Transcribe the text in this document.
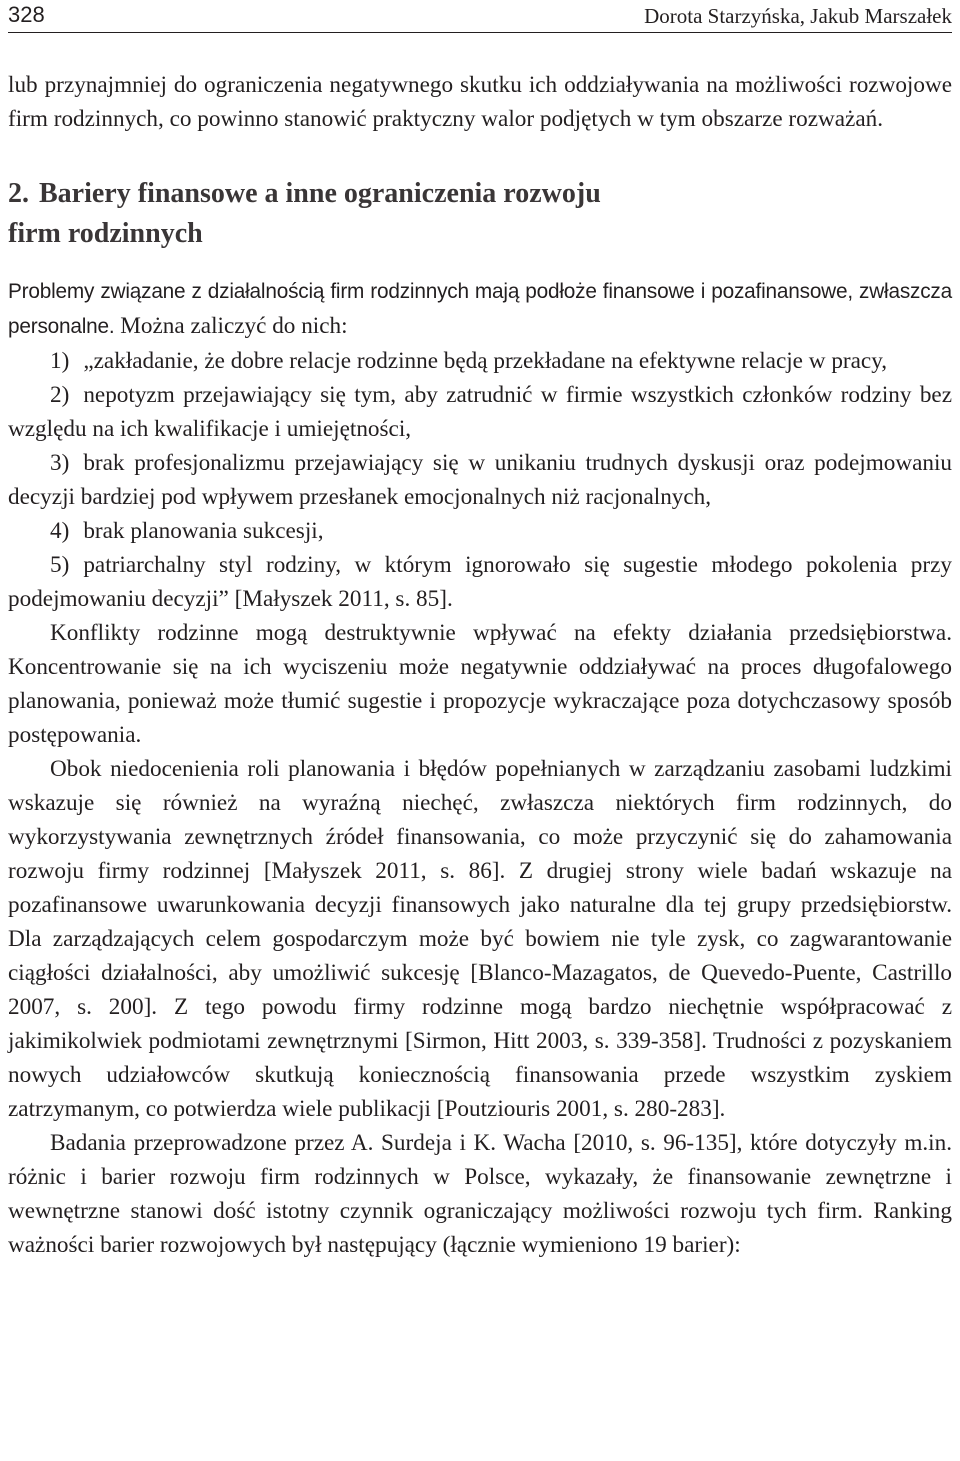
328	Dorota Starzyńska, Jakub Marszałek

lub przynajmniej do ograniczenia negatywnego skutku ich oddziaływania na możliwości rozwojowe firm rodzinnych, co powinno stanowić praktyczny walor podjętych w tym obszarze rozważań.

2. Bariery finansowe a inne ograniczenia rozwoju
firm rodzinnych

Problemy związane z działalnością firm rodzinnych mają podłoże finansowe i pozafinansowe, zwłaszcza personalne. Można zaliczyć do nich:

1) „zakładanie, że dobre relacje rodzinne będą przekładane na efektywne relacje w pracy,

2) nepotyzm przejawiający się tym, aby zatrudnić w firmie wszystkich członków rodziny bez względu na ich kwalifikacje i umiejętności,

3) brak profesjonalizmu przejawiający się w unikaniu trudnych dyskusji oraz podejmowaniu decyzji bardziej pod wpływem przesłanek emocjonalnych niż racjonalnych,

4) brak planowania sukcesji,

5) patriarchalny styl rodziny, w którym ignorowało się sugestie młodego pokolenia przy podejmowaniu decyzji” [Małyszek 2011, s. 85].

Konflikty rodzinne mogą destruktywnie wpływać na efekty działania przedsiębiorstwa. Koncentrowanie się na ich wyciszeniu może negatywnie oddziaływać na proces długofalowego planowania, ponieważ może tłumić sugestie i propozycje wykraczające poza dotychczasowy sposób postępowania.

Obok niedocenienia roli planowania i błędów popełnianych w zarządzaniu zasobami ludzkimi wskazuje się również na wyraźną niechęć, zwłaszcza niektórych firm rodzinnych, do wykorzystywania zewnętrznych źródeł finansowania, co może przyczynić się do zahamowania rozwoju firmy rodzinnej [Małyszek 2011, s. 86]. Z drugiej strony wiele badań wskazuje na pozafinansowe uwarunkowania decyzji finansowych jako naturalne dla tej grupy przedsiębiorstw. Dla zarządzających celem gospodarczym może być bowiem nie tyle zysk, co zagwarantowanie ciągłości działalności, aby umożliwić sukcesję [Blanco-Mazagatos, de Quevedo-Puente, Castrillo 2007, s. 200]. Z tego powodu firmy rodzinne mogą bardzo niechętnie współpracować z jakimikolwiek podmiotami zewnętrznymi [Sirmon, Hitt 2003, s. 339-358]. Trudności z pozyskaniem nowych udziałowców skutkują koniecznością finansowania przede wszystkim zyskiem zatrzymanym, co potwierdza wiele publikacji [Poutziouris 2001, s. 280-283].

Badania przeprowadzone przez A. Surdeja i K. Wacha [2010, s. 96-135], które dotyczyły m.in. różnic i barier rozwoju firm rodzinnych w Polsce, wykazały, że finansowanie zewnętrzne i wewnętrzne stanowi dość istotny czynnik ograniczający możliwości rozwoju tych firm. Ranking ważności barier rozwojowych był następujący (łącznie wymieniono 19 barier):
